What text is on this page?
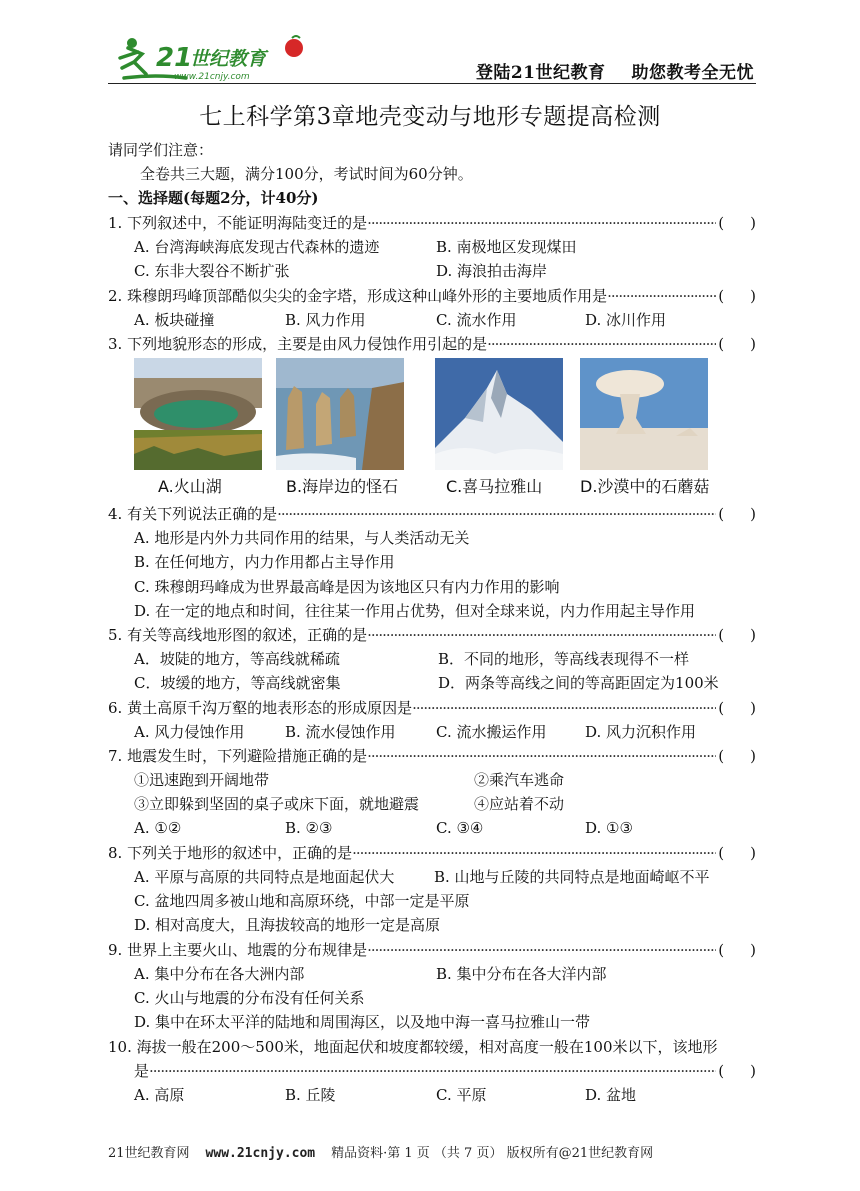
21
世纪教育
www.21cnjy.com	登陆21世纪教育 助您教考全无忧
七上科学第3章地壳变动与地形专题提高检测
请同学们注意：
全卷共三大题，满分100分，考试时间为60分钟。
一、选择题(每题2分，计40分)
1. 下列叙述中，不能证明海陆变迁的是 ·····	( )
A. 台湾海峡海底发现古代森林的遗迹	B. 南极地区发现煤田
C. 东非大裂谷不断扩张	D. 海浪拍击海岸
2. 珠穆朗玛峰顶部酷似尖尖的金字塔，形成这种山峰外形的主要地质作用是 ·····	( )
A. 板块碰撞	B. 风力作用	C. 流水作用	D. 冰川作用
3. 下列地貌形态的形成，主要是由风力侵蚀作用引起的是 ·····	( )
A.火山湖	B.海岸边的怪石	C.喜马拉雅山 D.沙漠中的石蘑菇
4. 有关下列说法正确的是 ·····	( )
A. 地形是内外力共同作用的结果，与人类活动无关
B. 在任何地方，内力作用都占主导作用
C. 珠穆朗玛峰成为世界最高峰是因为该地区只有内力作用的影响
D. 在一定的地点和时间，往往某一作用占优势，但对全球来说，内力作用起主导作用
5. 有关等高线地形图的叙述，正确的是 ·····	( )
A．坡陡的地方，等高线就稀疏	B．不同的地形，等高线表现得不一样
C．坡缓的地方，等高线就密集	D．两条等高线之间的等高距固定为100米
6. 黄土高原千沟万壑的地表形态的形成原因是 ·····	( )
A. 风力侵蚀作用	B. 流水侵蚀作用	C. 流水搬运作用	D. 风力沉积作用
7. 地震发生时，下列避险措施正确的是 ·····	( )
①迅速跑到开阔地带	②乘汽车逃命
③立即躲到坚固的桌子或床下面，就地避震	④应站着不动
A. ①②	B. ②③	C. ③④	D. ①③
8. 下列关于地形的叙述中，正确的是 ·····	( )
A. 平原与高原的共同特点是地面起伏大	B. 山地与丘陵的共同特点是地面崎岖不平
C. 盆地四周多被山地和高原环绕，中部一定是平原
D. 相对高度大，且海拔较高的地形一定是高原
9. 世界上主要火山、地震的分布规律是 ·····	( )
A. 集中分布在各大洲内部	B. 集中分布在各大洋内部
C. 火山与地震的分布没有任何关系
D. 集中在环太平洋的陆地和周围海区，以及地中海一喜马拉雅山一带
10. 海拔一般在200～500米，地面起伏和坡度都较缓，相对高度一般在100米以下，该地形
是 ·····	( )
A. 高原	B. 丘陵	C. 平原	D. 盆地
21世纪教育网 www.21cnjy.com 精品资料·第 1 页 （共 7 页） 版权所有@21世纪教育网
